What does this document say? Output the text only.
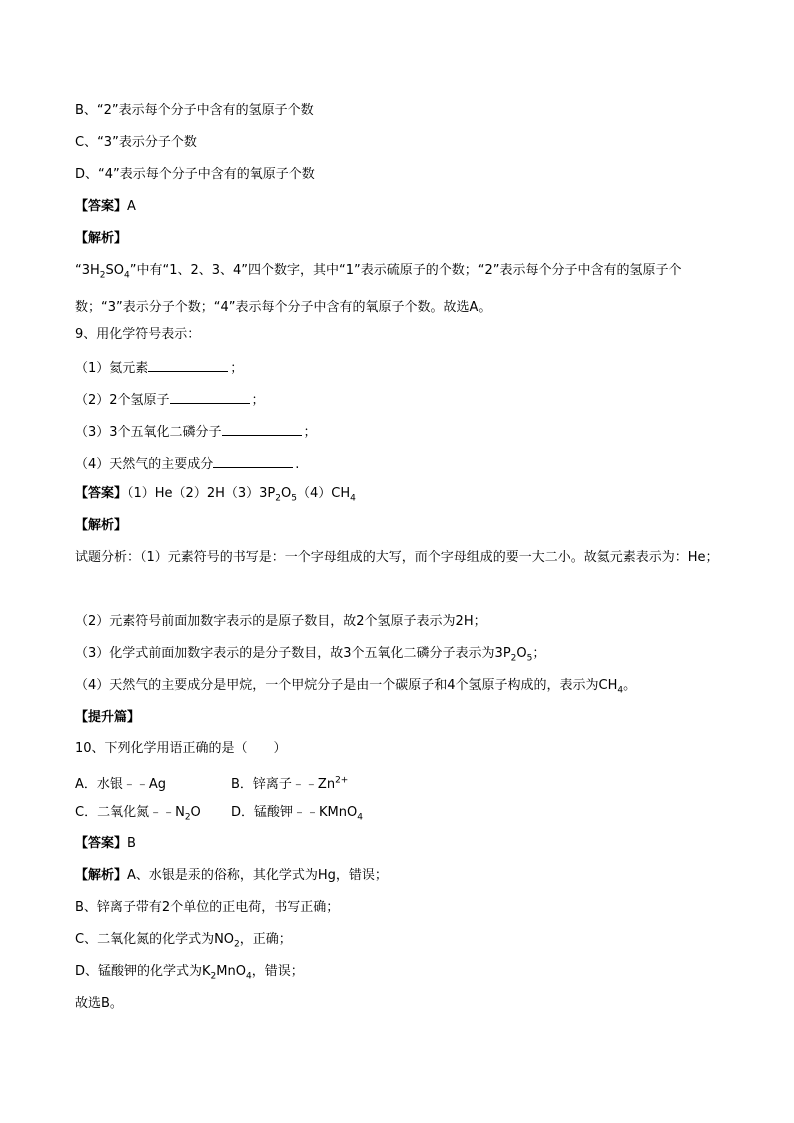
B、“2”表示每个分子中含有的氢原子个数
C、“3”表示分子个数
D、“4”表示每个分子中含有的氧原子个数
【答案】A
【解析】
“$3H_2SO_4$”中有“1、2、3、4”四个数字，其中“1”表示硫原子的个数；“2”表示每个分子中含有的氢原子个数；“3”表示分子个数；“4”表示每个分子中含有的氧原子个数。故选A。
9、用化学符号表示：
（1）氦元素	；
（2）2个氢原子	；
（3）3个五氧化二磷分子	；
（4）天然气的主要成分	.
【答案】$(1)He(2)2H(3)3P_2O_5(4)CH_4$
【解析】
试题分析：（1）元素符号的书写是：一个字母组成的大写，而个字母组成的要一大二小。故氦元素表示为：He；
（2）元素符号前面加数字表示的是原子数目，故2个氢原子表示为2H；
（3）化学式前面加数字表示的是分子数目，故3个五氧化二磷分子表示为$3P_2O_5$；
（4）天然气的主要成分是甲烷，一个甲烷分子是由一个碳原子和4个氢原子构成的，表示为$CH_4$。
【提升篇】
10、下列化学用语正确的是（　　）
A．水银﹣﹣Ag	B．锌离子$﹣﹣Zn^{2+}$
C．二氧化氮$﹣﹣N_2O$ D．锰酸钾﹣﹣KMnO$_4$
【答案】B
【解析】A、水银是汞的俗称，其化学式为Hg，错误；
B、锌离子带有2个单位的正电荷，书写正确；
C、二氧化氮的化学式为$NO_2$，正确；
D、锰酸钾的化学式为$K_2MnO_4$，错误；
故选B。
